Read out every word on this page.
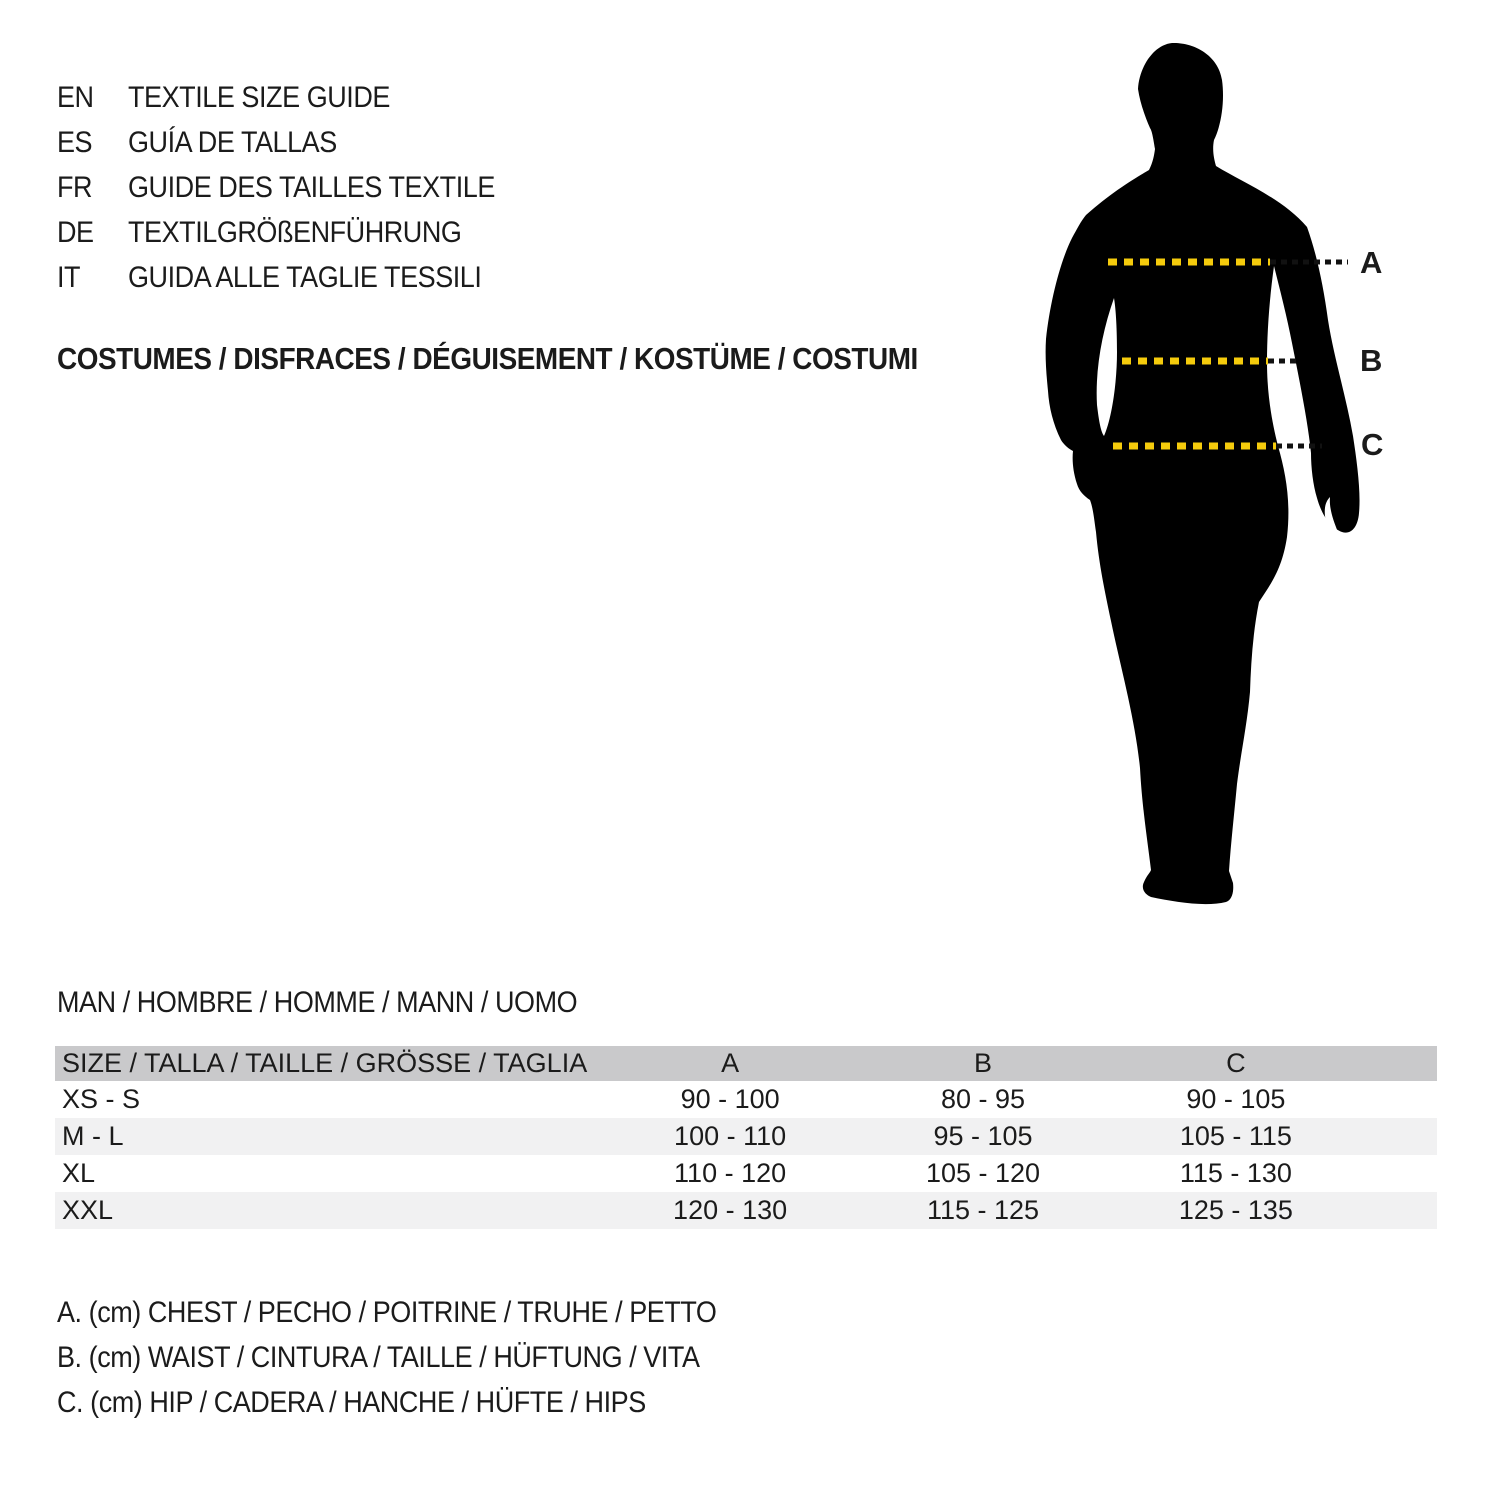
EN TEXTILE SIZE GUIDE
ES GUÍA DE TALLAS
FR GUIDE DES TAILLES TEXTILE
DE TEXTILGRÖßENFÜHRUNG
IT GUIDA ALLE TAGLIE TESSILI
COSTUMES / DISFRACES / DÉGUISEMENT / KOSTÜME / COSTUMI
A
B
C
MAN / HOMBRE / HOMME / MANN / UOMO
SIZE / TALLA / TAILLE / GRÖSSE / TAGLIA	A	B	C	
XS - S	90 - 100	80 - 95	90 - 105	
M - L	100 - 110	95 - 105	105 - 115	
XL	110 - 120	105 - 120	115 - 130	
XXL	120 - 130	115 - 125	125 - 135	
A. (cm) CHEST / PECHO / POITRINE / TRUHE / PETTO
B. (cm) WAIST / CINTURA / TAILLE / HÜFTUNG / VITA
C. (cm) HIP / CADERA / HANCHE / HÜFTE / HIPS
